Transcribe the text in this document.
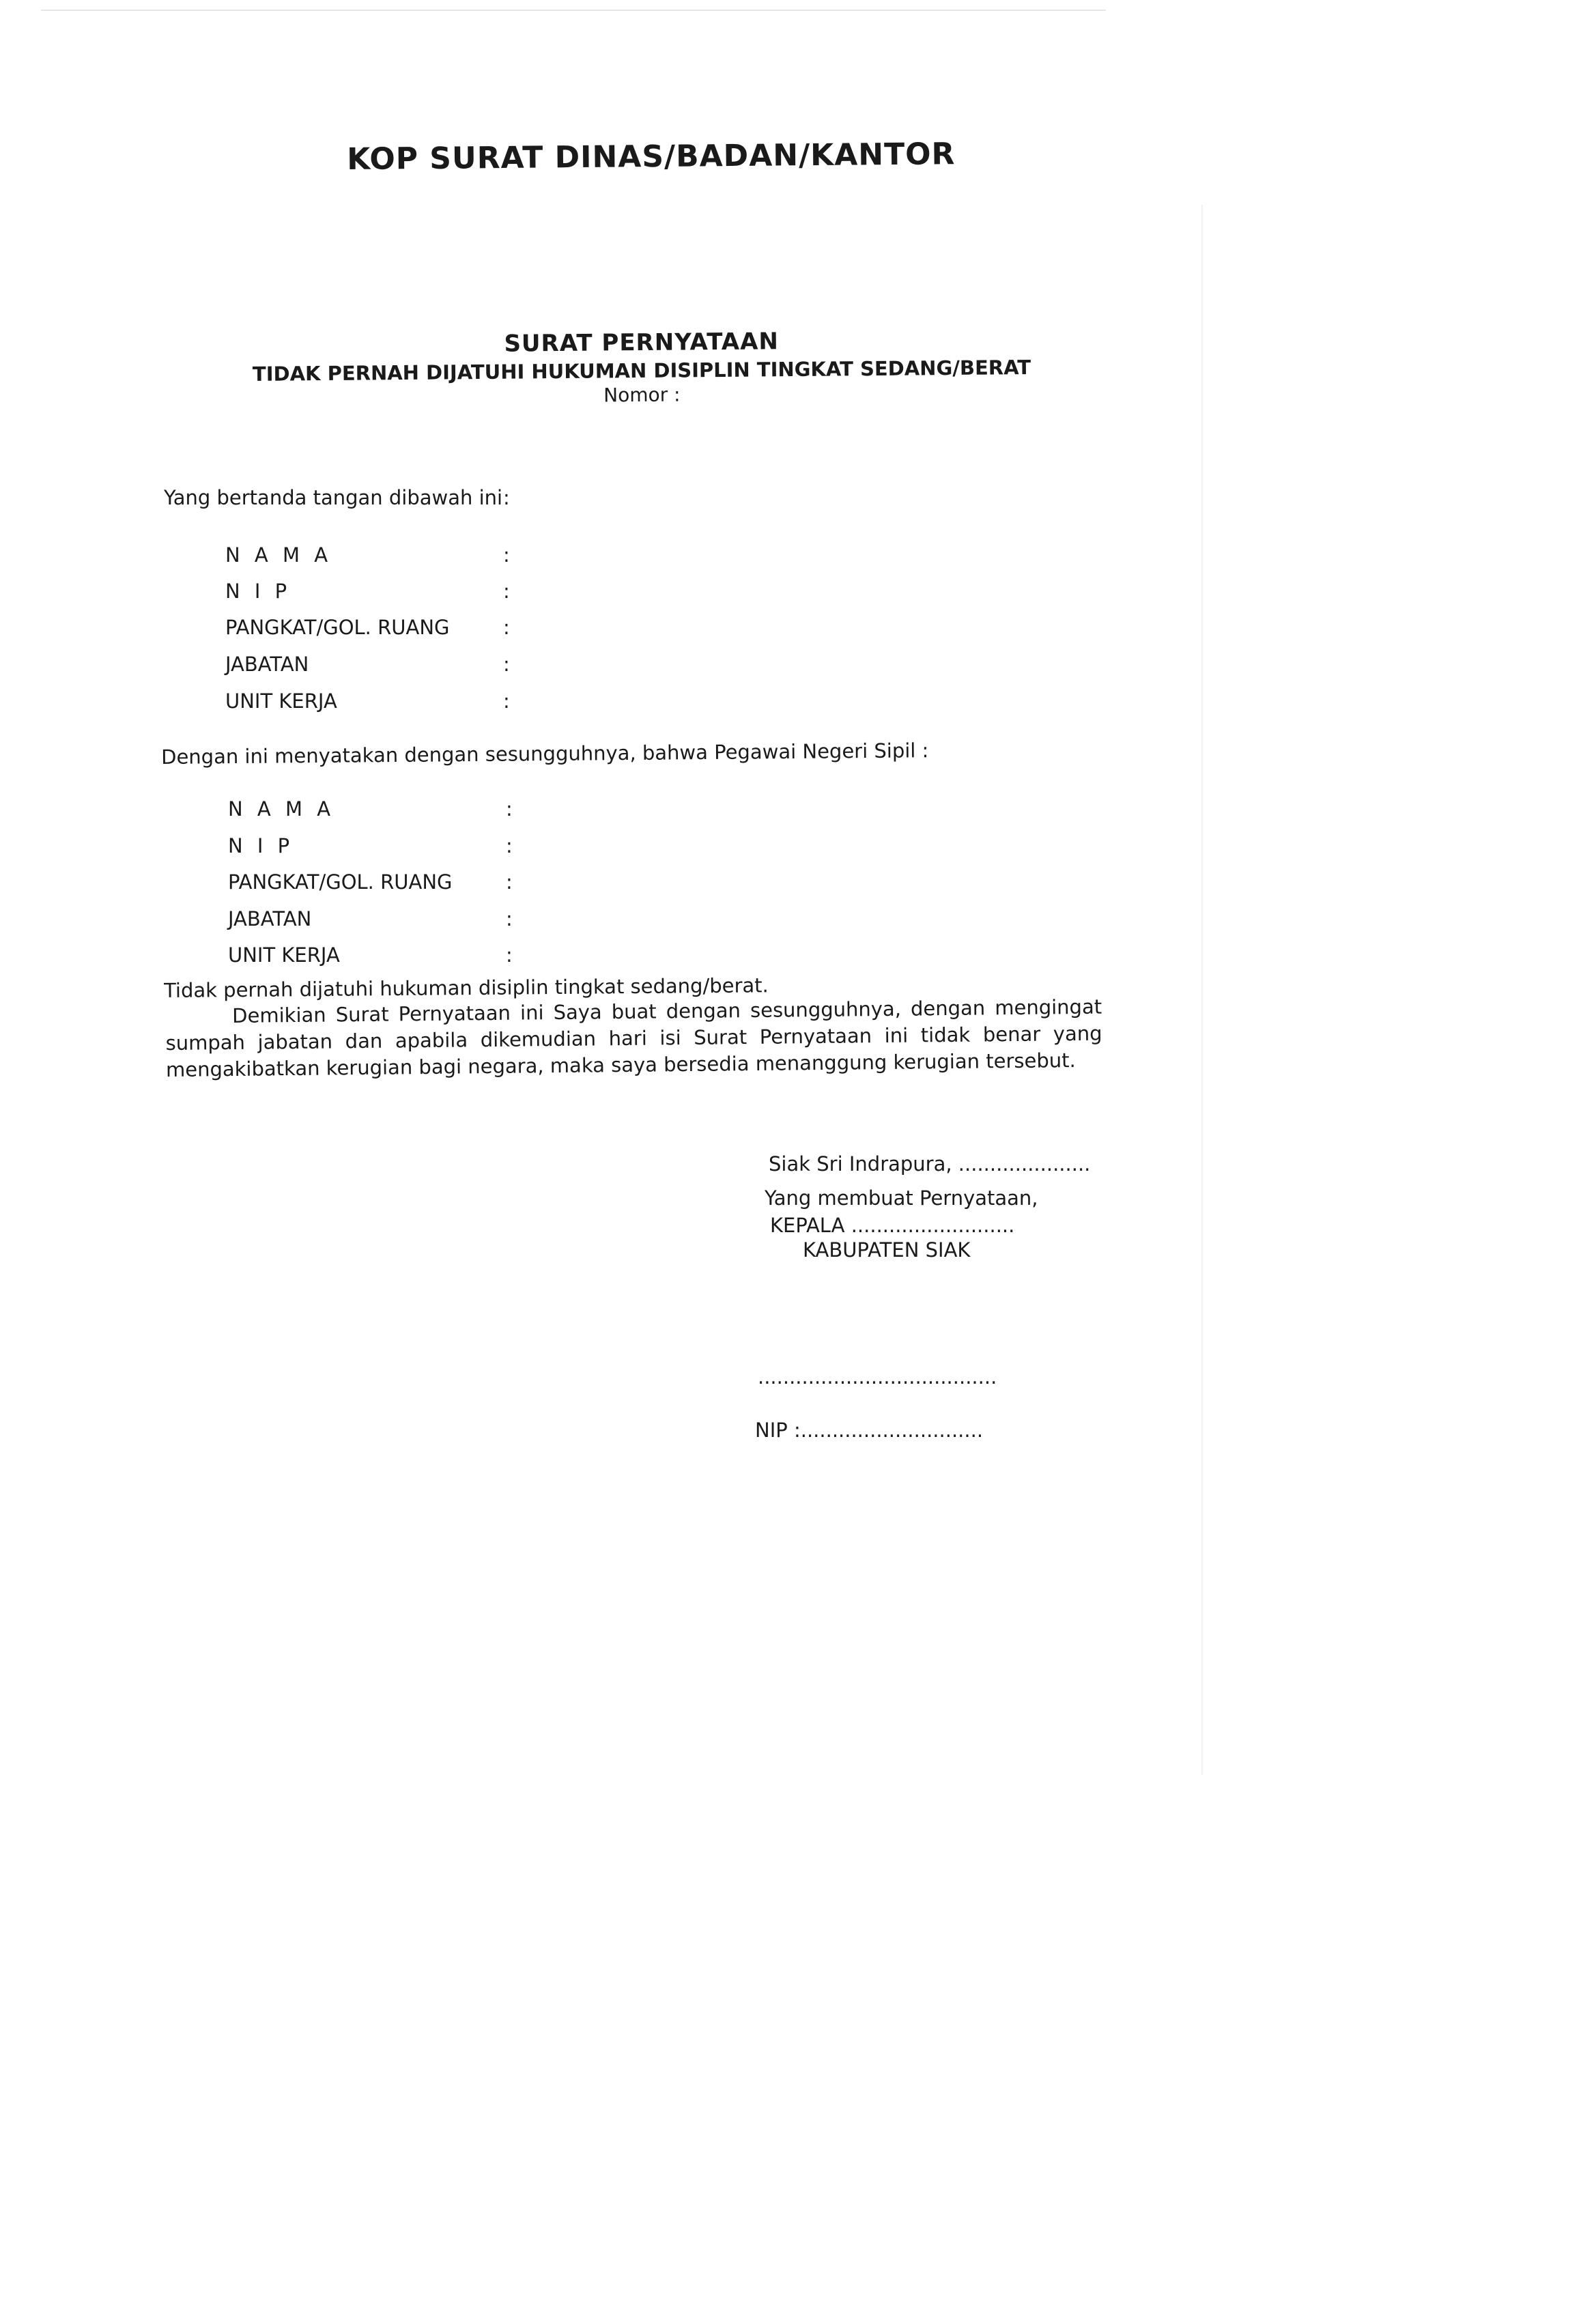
KOP SURAT DINAS/BADAN/KANTOR
SURAT PERNYATAAN
TIDAK PERNAH DIJATUHI HUKUMAN DISIPLIN TINGKAT SEDANG/BERAT
Nomor :
Yang bertanda tangan dibawah ini :
N A M A	:
N I P	:
PANGKAT/GOL. RUANG	:
JABATAN	:
UNIT KERJA	:
Dengan ini menyatakan dengan sesungguhnya, bahwa Pegawai Negeri Sipil :
N A M A	:
N I P	:
PANGKAT/GOL. RUANG	:
JABATAN	:
UNIT KERJA	:
Tidak pernah dijatuhi hukuman disiplin tingkat sedang/berat.
Demikian Surat Pernyataan ini Saya buat dengan sesungguhnya, dengan mengingat sumpah jabatan dan apabila dikemudian hari isi Surat Pernyataan ini tidak benar yang mengakibatkan kerugian bagi negara, maka saya bersedia menanggung kerugian tersebut.
Siak Sri Indrapura, .....................
Yang membuat Pernyataan,
KEPALA ..........................
KABUPATEN SIAK
......................................
NIP :.............................
